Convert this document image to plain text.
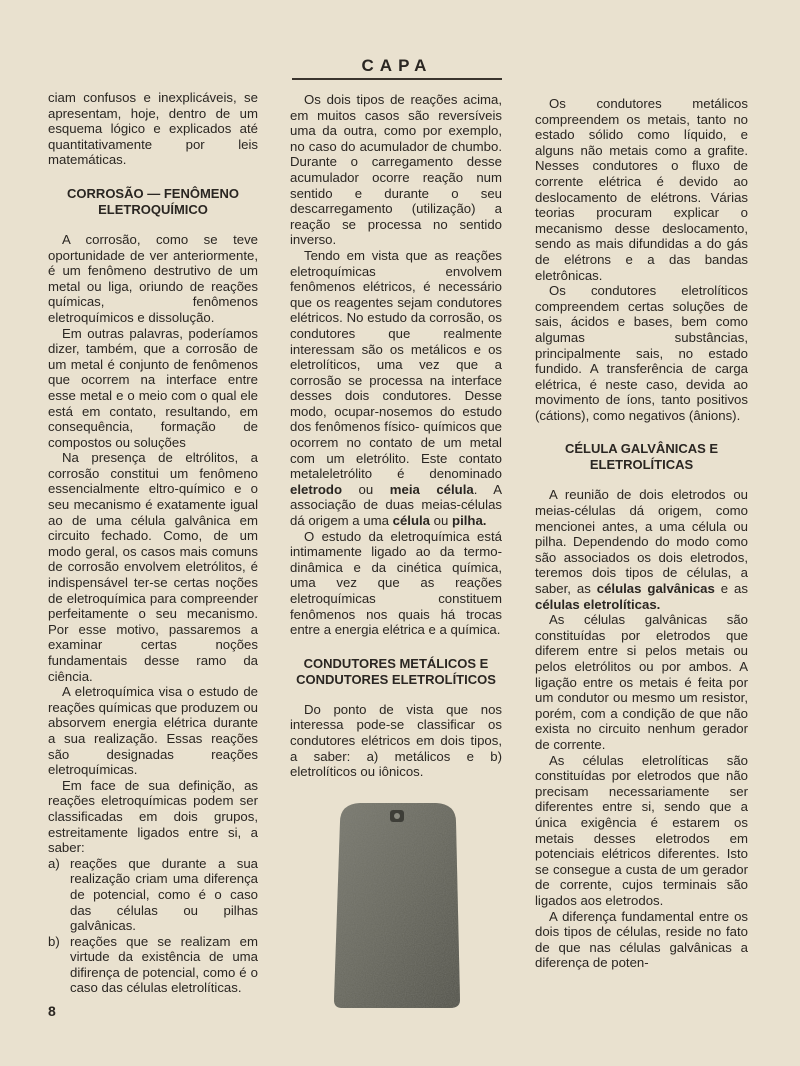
CAPA

ciam confusos e inexplicáveis, se apresentam, hoje, dentro de um esquema lógico e explicados até quantitativamente por leis matemáticas.

CORROSÃO — FENÔMENO ELETROQUÍMICO

A corrosão, como se teve oportunidade de ver anteriormente, é um fenômeno destrutivo de um metal ou liga, oriundo de reações químicas, fenômenos eletroquímicos e dissolução.

Em outras palavras, poderíamos dizer, também, que a corrosão de um metal é conjunto de fenômenos que ocorrem na interface entre esse metal e o meio com o qual ele está em contato, resultando, em consequência, formação de compostos ou soluções

Na presença de eltrólitos, a corrosão constitui um fenômeno essencialmente eltro-químico e o seu mecanismo é exatamente igual ao de uma célula galvânica em circuito fechado. Como, de um modo geral, os casos mais comuns de corrosão envolvem eletrólitos, é indispensável ter-se certas noções de eletroquímica para compreender perfeitamente o seu mecanismo. Por esse motivo, passaremos a examinar certas noções fundamentais desse ramo da ciência.

A eletroquímica visa o estudo de reações químicas que produzem ou absorvem energia elétrica durante a sua realização. Essas reações são designadas reações eletroquímicas.

Em face de sua definição, as reações eletroquímicas podem ser classificadas em dois grupos, estreitamente ligados entre si, a saber:

a) reações que durante a sua realização criam uma diferença de potencial, como é o caso das células ou pilhas galvânicas.
b) reações que se realizam em virtude da existência de uma difirença de potencial, como é o caso das células eletrolíticas.

Os dois tipos de reações acima, em muitos casos são reversíveis uma da outra, como por exemplo, no caso do acumulador de chumbo. Durante o carregamento desse acumulador ocorre reação num sentido e durante o seu descarregamento (utilização) a reação se processa no sentido inverso.

Tendo em vista que as reações eletroquímicas envolvem fenômenos elétricos, é necessário que os reagentes sejam condutores elétricos. No estudo da corrosão, os condutores que realmente interessam são os metálicos e os eletrolíticos, uma vez que a corrosão se processa na interface desses dois condutores. Desse modo, ocupar-nosemos do estudo dos fenômenos físico- químicos que ocorrem no contato de um metal com um eletrólito. Este contato metaleletrólito é denominado eletrodo ou meia célula. A associação de duas meias-células dá origem a uma célula ou pilha.

O estudo da eletroquímica está intimamente ligado ao da termo- dinâmica e da cinética química, uma vez que as reações eletroquímicas constituem fenômenos nos quais há trocas entre a energia elétrica e a química.

CONDUTORES METÁLICOS E CONDUTORES ELETROLÍTICOS

Do ponto de vista que nos interessa pode-se classificar os condutores elétricos em dois tipos, a saber: a) metálicos e b) eletrolíticos ou iônicos.

Os condutores metálicos compreendem os metais, tanto no estado sólido como líquido, e alguns não metais como a grafite. Nesses condutores o fluxo de corrente elétrica é devido ao deslocamento de elétrons. Várias teorias procuram explicar o mecanismo desse deslocamento, sendo as mais difundidas a do gás de elétrons e a das bandas eletrônicas.

Os condutores eletrolíticos compreendem certas soluções de sais, ácidos e bases, bem como algumas substâncias, principalmente sais, no estado fundido. A transferência de carga elétrica, é neste caso, devida ao movimento de íons, tanto positivos (cátions), como negativos (ânions).

CÉLULA GALVÂNICAS E ELETROLÍTICAS

A reunião de dois eletrodos ou meias-células dá origem, como mencionei antes, a uma célula ou pilha. Dependendo do modo como são associados os dois eletrodos, teremos dois tipos de células, a saber, as células galvânicas e as células eletrolíticas.

As células galvânicas são constituídas por eletrodos que diferem entre si pelos metais ou pelos eletrólitos ou por ambos. A ligação entre os metais é feita por um condutor ou mesmo um resistor, porém, com a condição de que não exista no circuito nenhum gerador de corrente.

As células eletrolíticas são constituídas por eletrodos que não precisam necessariamente ser diferentes entre si, sendo que a única exigência é estarem os metais desses eletrodos em potenciais elétricos diferentes. Isto se consegue a custa de um gerador de corrente, cujos terminais são ligados aos eletrodos.

A diferença fundamental entre os dois tipos de células, reside no fato de que nas células galvânicas a diferença de poten-

8
